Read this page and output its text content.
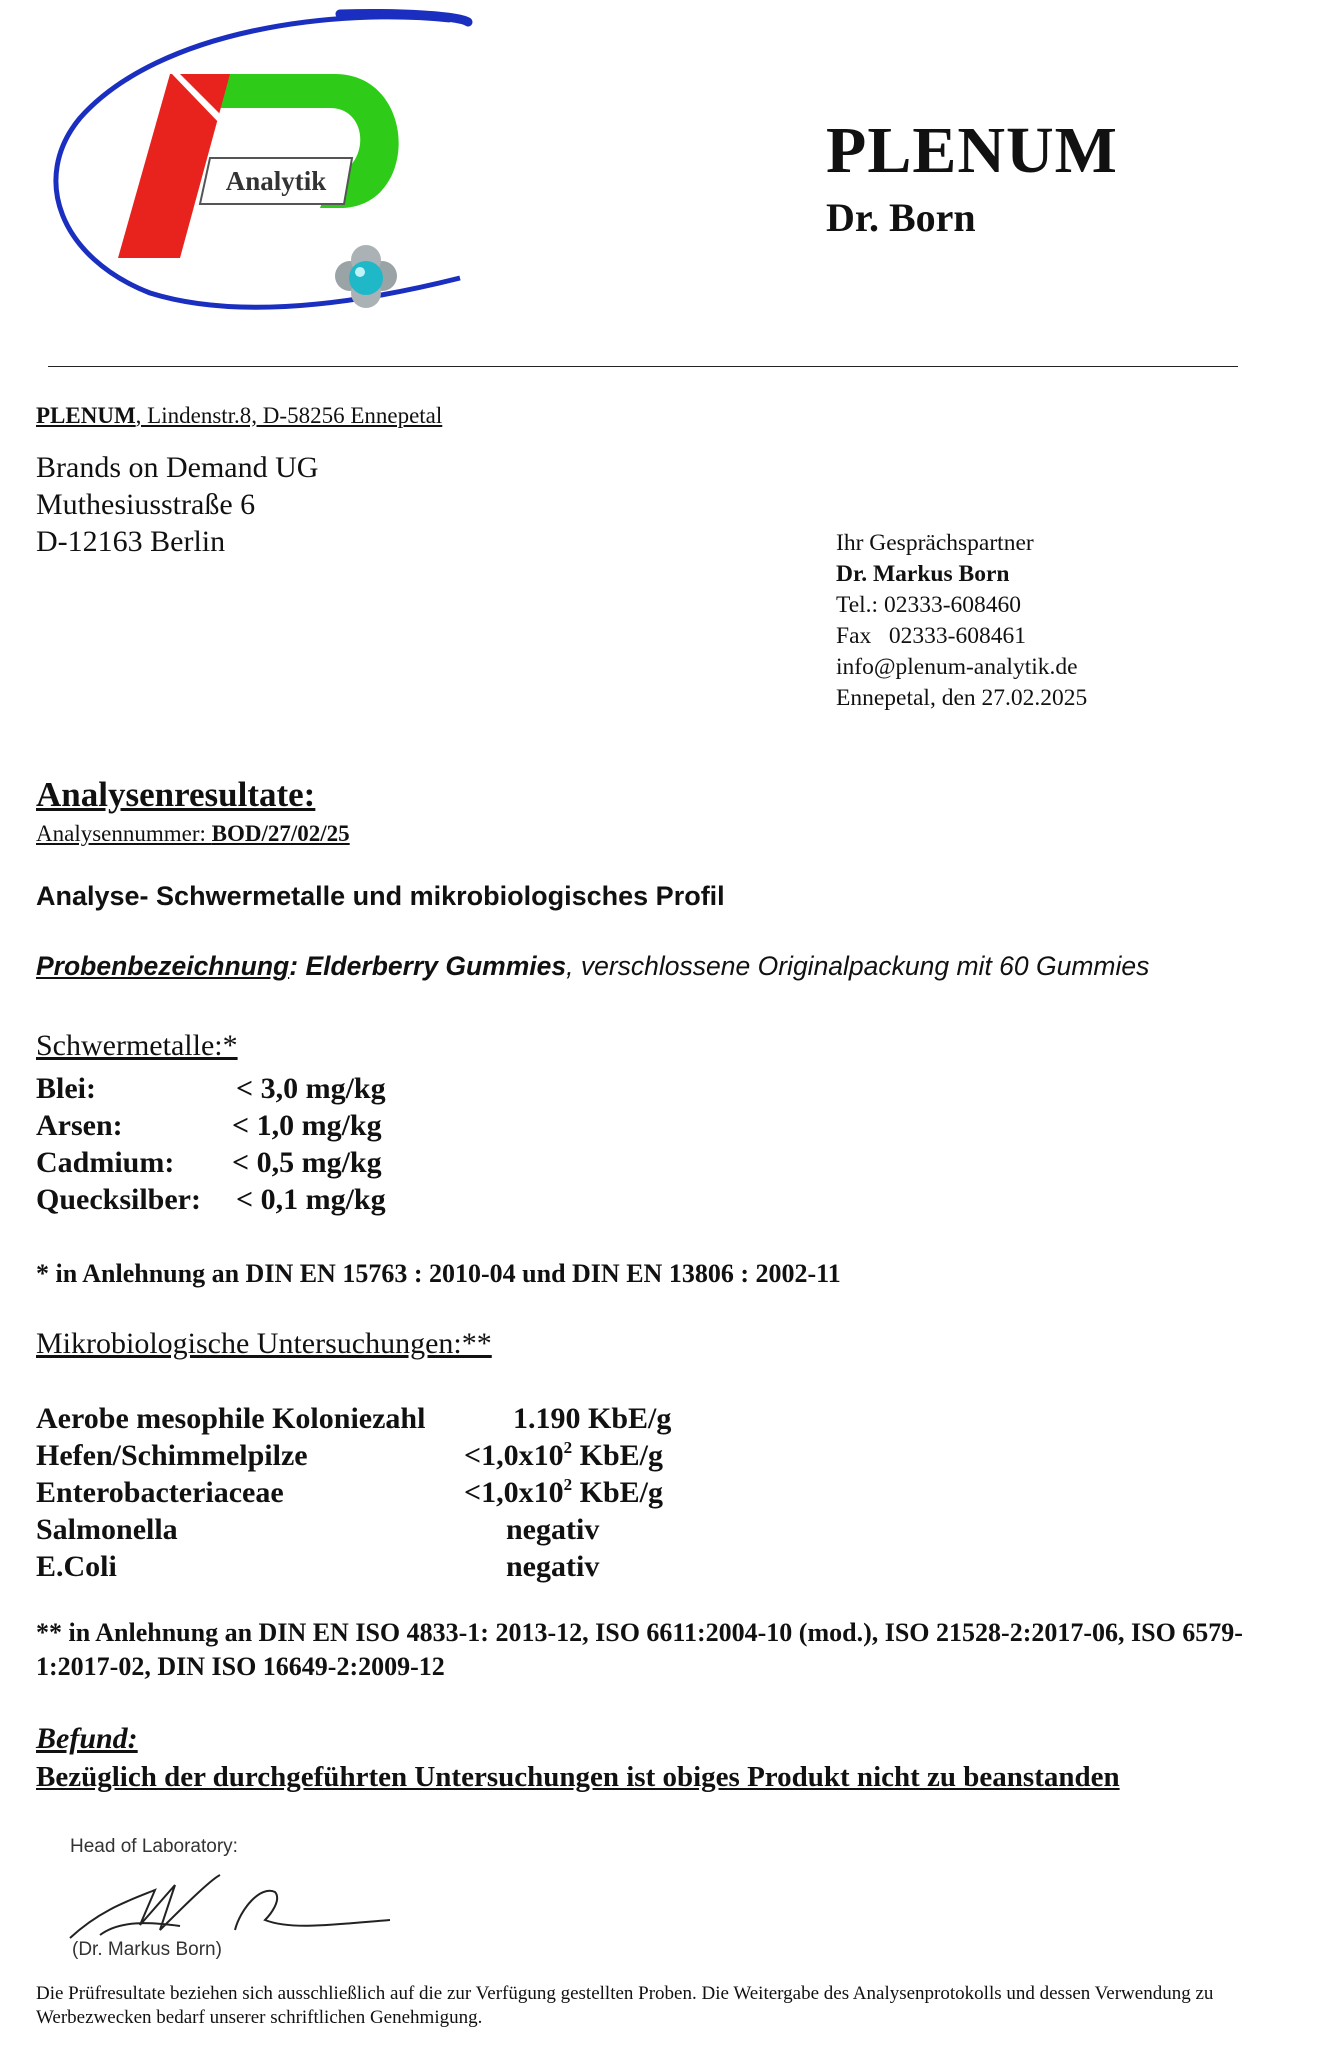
Analytik	PLENUM
Dr. Born
PLENUM, Lindenstr.8, D-58256 Ennepetal
Brands on Demand UG
Muthesiusstraße 6
D-12163 Berlin	Ihr Gesprächspartner
Dr. Markus Born
Tel.: 02333-608460
Fax   02333-608461
info@plenum-analytik.de
Ennepetal, den 27.02.2025
Analysenresultate:
Analysennummer: BOD/27/02/25
Analyse- Schwermetalle und mikrobiologisches Profil
Probenbezeichnung: Elderberry Gummies, verschlossene Originalpackung mit 60 Gummies
Schwermetalle:*
Blei:	< 3,0 mg/kg
Arsen:	< 1,0 mg/kg
Cadmium: < 0,5 mg/kg
Quecksilber: < 0,1 mg/kg
* in Anlehnung an DIN EN 15763 : 2010-04 und DIN EN 13806 : 2002-11
Mikrobiologische Untersuchungen:**
Aerobe mesophile Koloniezahl	1.190 KbE/g
Hefen/Schimmelpilze	$<1,0x10^2$ KbE/g
Enterobacteriaceae	$<1,0x10^2$ KbE/g
Salmonella	negativ
E.Coli	negativ
** in Anlehnung an DIN EN ISO 4833-1: 2013-12, ISO 6611:2004-10 (mod.), ISO 21528-2:2017-06, ISO 6579-1:2017-02, DIN ISO 16649-2:2009-12
Befund:
Bezüglich der durchgeführten Untersuchungen ist obiges Produkt nicht zu beanstanden
Head of Laboratory:
(Dr. Markus Born)
Die Prüfresultate beziehen sich ausschließlich auf die zur Verfügung gestellten Proben. Die Weitergabe des Analysenprotokolls und dessen Verwendung zu Werbezwecken bedarf unserer schriftlichen Genehmigung.
